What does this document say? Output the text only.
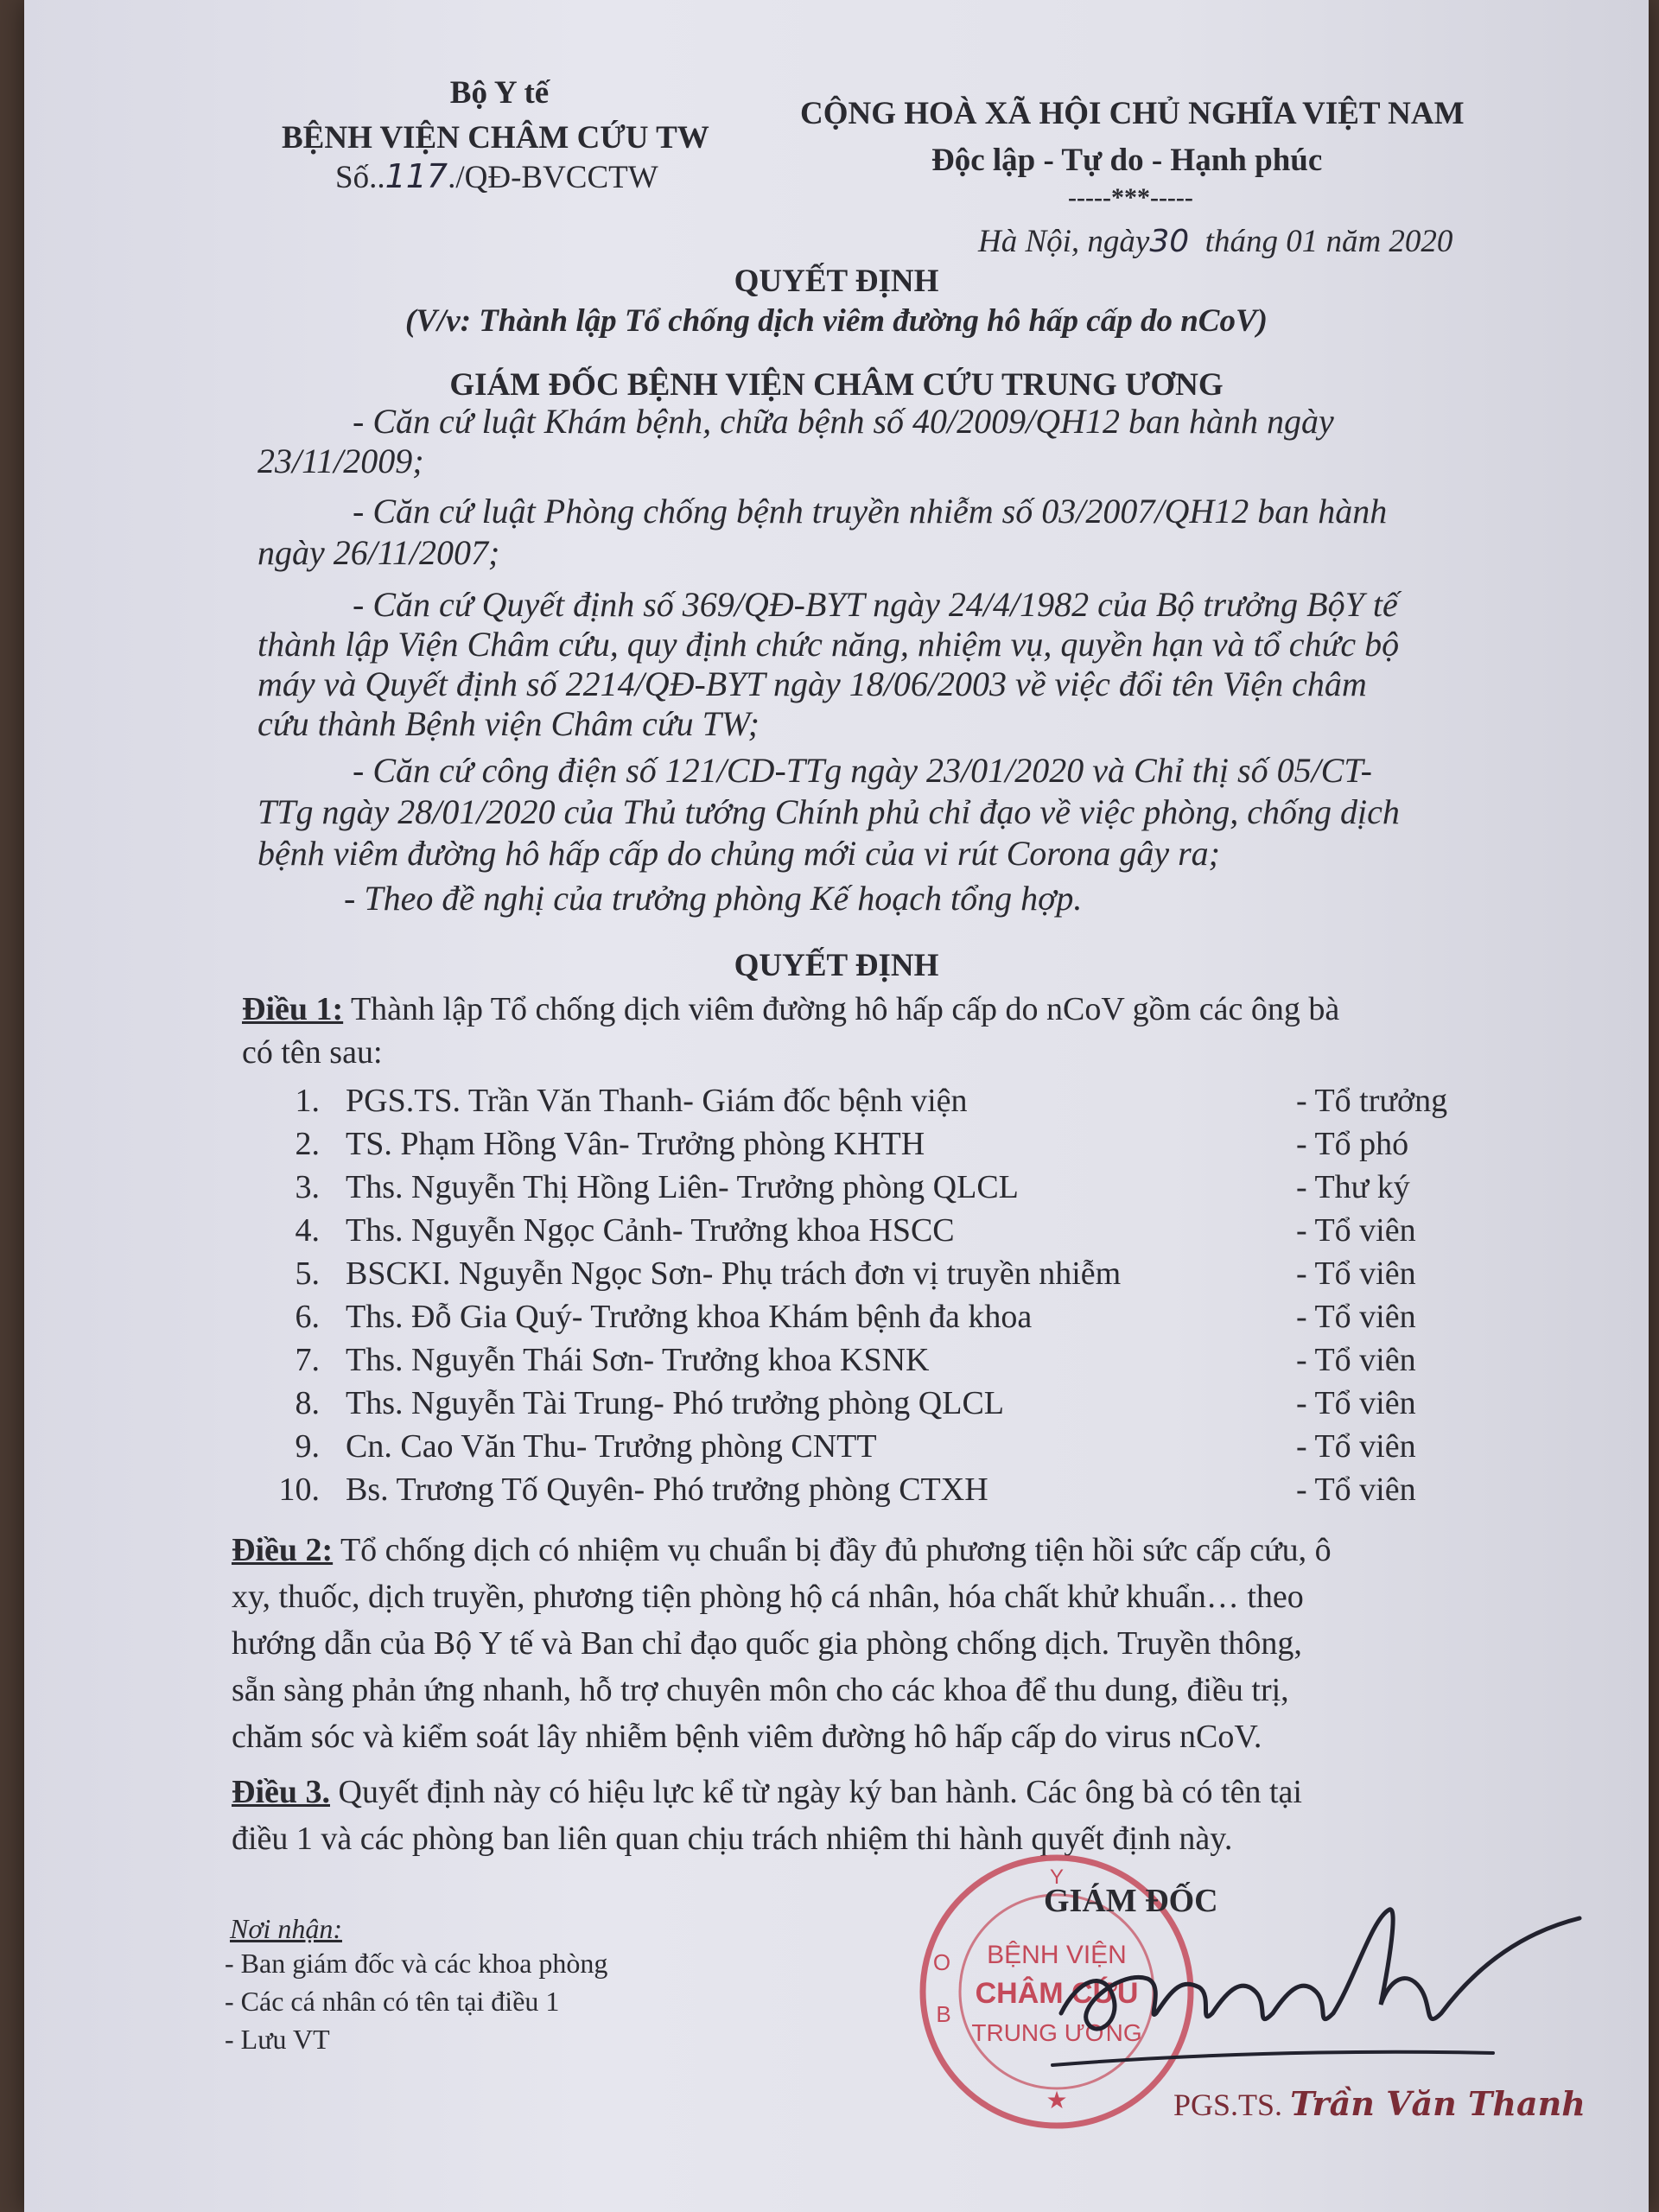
Bộ Y tế
BỆNH VIỆN CHÂM CỨU TW
Số..117./QĐ-BVCCTW
CỘNG HOÀ XÃ HỘI CHỦ NGHĨA VIỆT NAM
Độc lập - Tự do - Hạnh phúc
-----***-----
Hà Nội, ngày30 tháng 01 năm 2020
QUYẾT ĐỊNH
(V/v: Thành lập Tổ chống dịch viêm đường hô hấp cấp do nCoV)
GIÁM ĐỐC BỆNH VIỆN CHÂM CỨU TRUNG ƯƠNG
- Căn cứ luật Khám bệnh, chữa bệnh số 40/2009/QH12 ban hành ngày
23/11/2009;
- Căn cứ luật Phòng chống bệnh truyền nhiễm số 03/2007/QH12 ban hành
ngày 26/11/2007;
- Căn cứ Quyết định số 369/QĐ-BYT ngày 24/4/1982 của Bộ trưởng BộY tế
thành lập Viện Châm cứu, quy định chức năng, nhiệm vụ, quyền hạn và tổ chức bộ
máy và Quyết định số 2214/QĐ-BYT ngày 18/06/2003 về việc đổi tên Viện châm
cứu thành Bệnh viện Châm cứu TW;
- Căn cứ công điện số 121/CD-TTg ngày 23/01/2020 và Chỉ thị số 05/CT-
TTg ngày 28/01/2020 của Thủ tướng Chính phủ chỉ đạo về việc phòng, chống dịch
bệnh viêm đường hô hấp cấp do chủng mới của vi rút Corona gây ra;
- Theo đề nghị của trưởng phòng Kế hoạch tổng hợp.
QUYẾT ĐỊNH
Điều 1: Thành lập Tổ chống dịch viêm đường hô hấp cấp do nCoV gồm các ông bà
có tên sau:
1. PGS.TS. Trần Văn Thanh- Giám đốc bệnh viện	- Tổ trưởng
2. TS. Phạm Hồng Vân- Trưởng phòng KHTH	- Tổ phó
3. Ths. Nguyễn Thị Hồng Liên- Trưởng phòng QLCL	- Thư ký
4. Ths. Nguyễn Ngọc Cảnh- Trưởng khoa HSCC	- Tổ viên
5. BSCKI. Nguyễn Ngọc Sơn- Phụ trách đơn vị truyền nhiễm	- Tổ viên
6. Ths. Đỗ Gia Quý- Trưởng khoa Khám bệnh đa khoa	- Tổ viên
7. Ths. Nguyễn Thái Sơn- Trưởng khoa KSNK	- Tổ viên
8. Ths. Nguyễn Tài Trung- Phó trưởng phòng QLCL	- Tổ viên
9. Cn. Cao Văn Thu- Trưởng phòng CNTT	- Tổ viên
10. Bs. Trương Tố Quyên- Phó trưởng phòng CTXH	- Tổ viên
Điều 2: Tổ chống dịch có nhiệm vụ chuẩn bị đầy đủ phương tiện hồi sức cấp cứu, ô
xy, thuốc, dịch truyền, phương tiện phòng hộ cá nhân, hóa chất khử khuẩn… theo
hướng dẫn của Bộ Y tế và Ban chỉ đạo quốc gia phòng chống dịch. Truyền thông,
sẵn sàng phản ứng nhanh, hỗ trợ chuyên môn cho các khoa để thu dung, điều trị,
chăm sóc và kiểm soát lây nhiễm bệnh viêm đường hô hấp cấp do virus nCoV.
Điều 3. Quyết định này có hiệu lực kể từ ngày ký ban hành. Các ông bà có tên tại
điều 1 và các phòng ban liên quan chịu trách nhiệm thi hành quyết định này.
Nơi nhận:
- Ban giám đốc và các khoa phòng
- Các cá nhân có tên tại điều 1
- Lưu VT
BỆNH VIỆN
CHÂM CỨU
TRUNG ƯƠNG
O
B
Y
★
GIÁM ĐỐC
PGS.TS. Trần Văn Thanh
